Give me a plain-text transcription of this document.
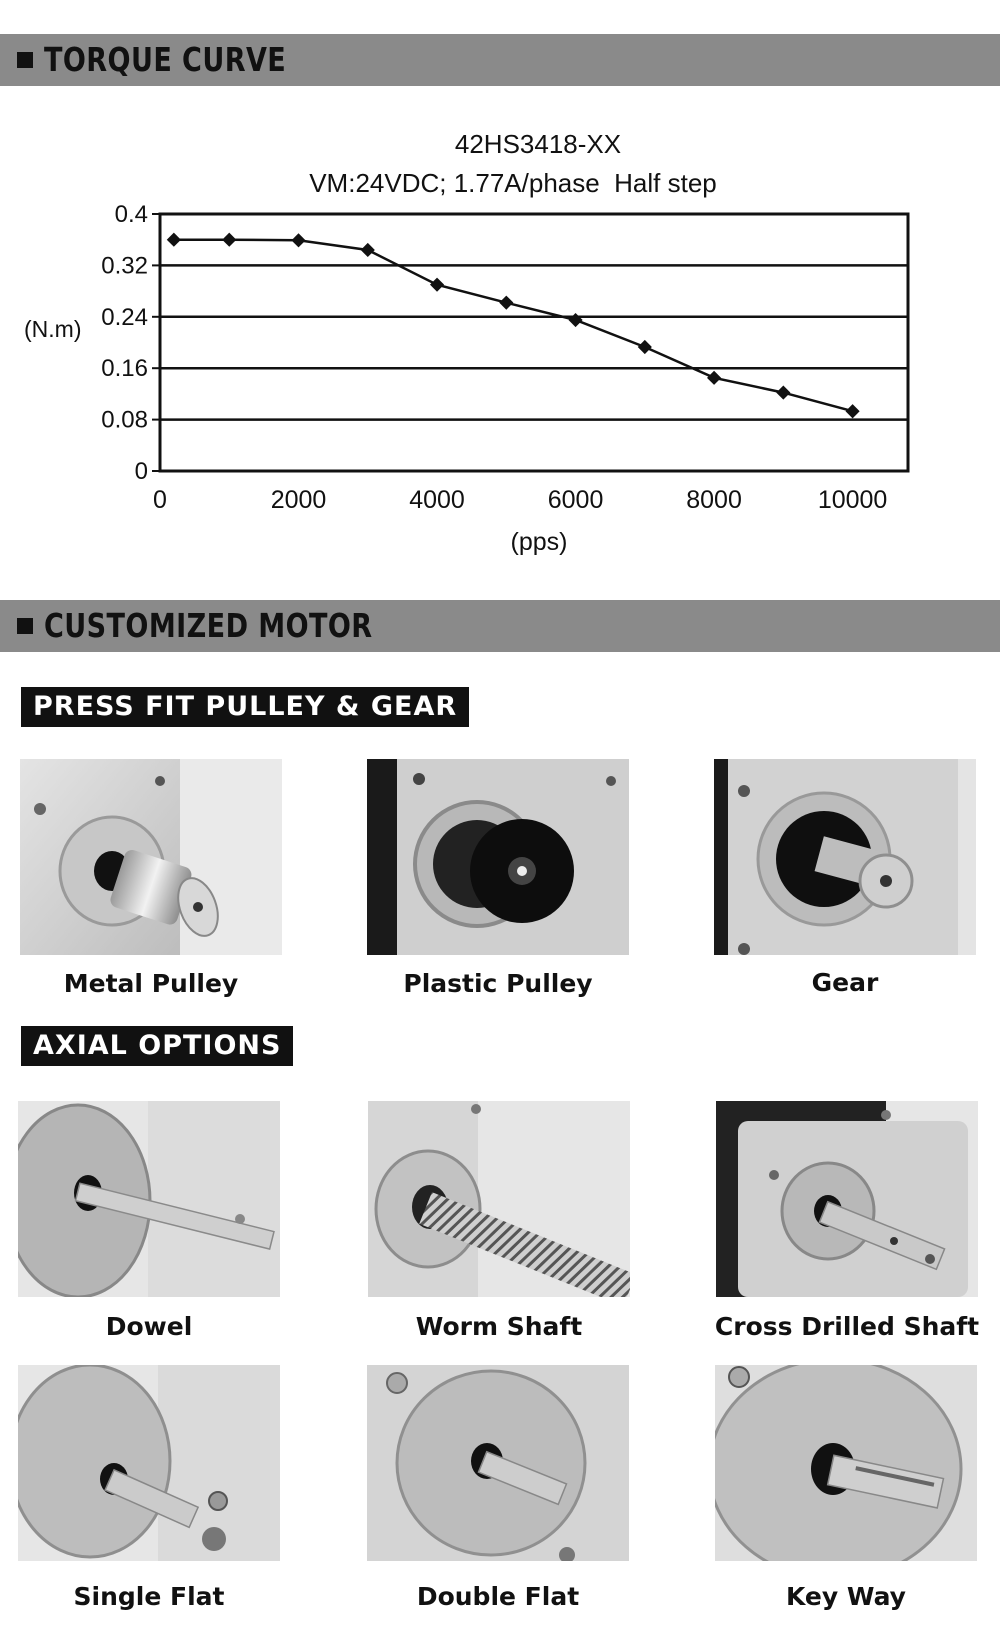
TORQUE CURVE
42HS3418-XX
VM:24VDC; 1.77A/phase  Half step
0
0.08
0.16
0.24
0.32
0.4
0	2000	4000	6000	8000	10000
(N.m)
(pps)
CUSTOMIZED MOTOR
PRESS FIT PULLEY & GEAR
Metal Pulley	Plastic Pulley	Gear
AXIAL OPTIONS
Dowel	Worm Shaft	Cross Drilled Shaft
Single Flat	Double Flat	Key Way
